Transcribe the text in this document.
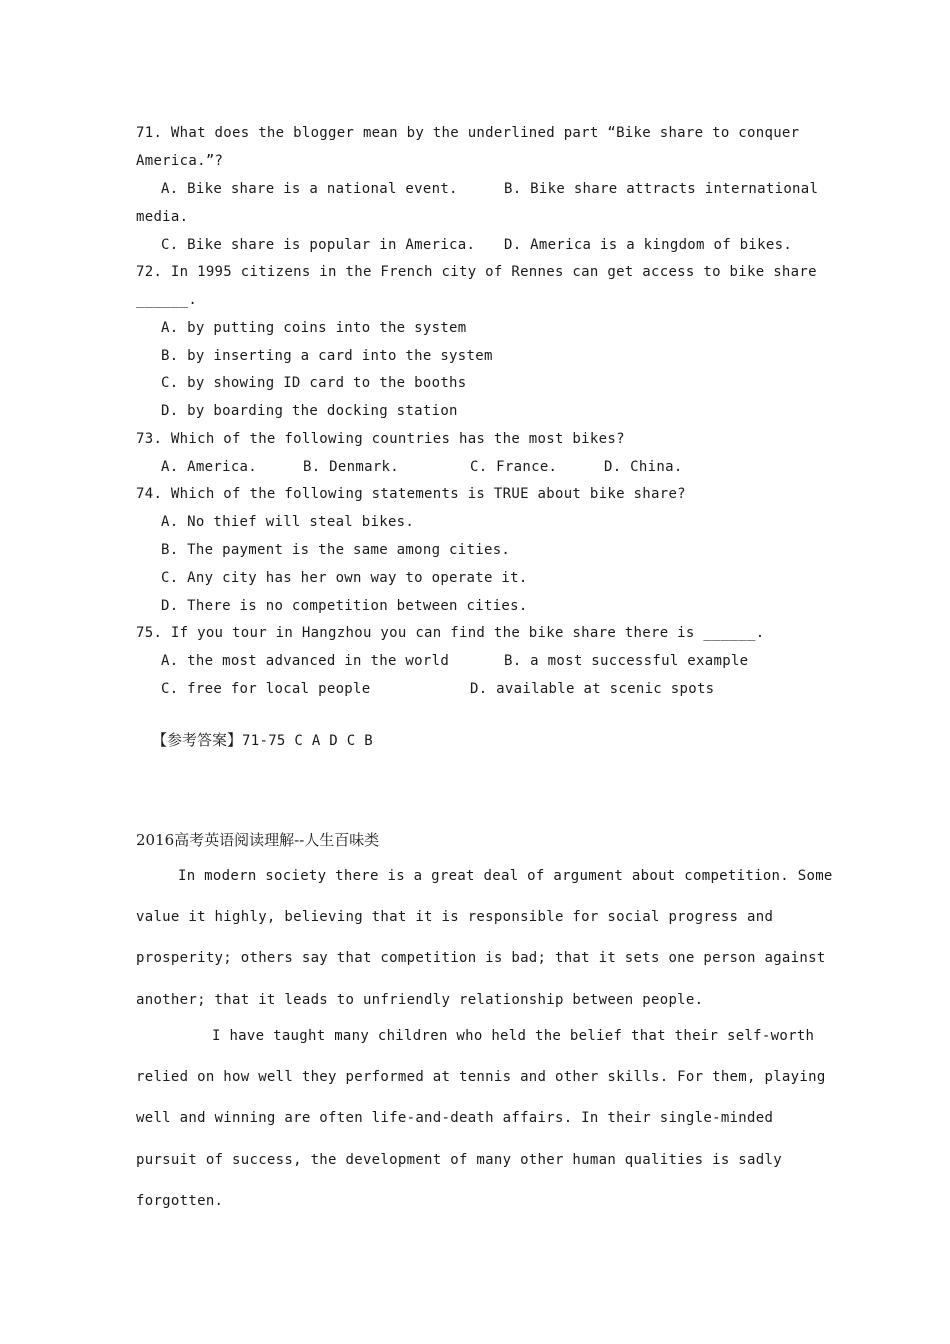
71. What does the blogger mean by the underlined part “Bike share to conquer
America.”?
A. Bike share is a national event.	B. Bike share attracts international
media.
C. Bike share is popular in America. D. America is a kingdom of bikes.
72. In 1995 citizens in the French city of Rennes can get access to bike share
______.
A. by putting coins into the system
B. by inserting a card into the system
C. by showing ID card to the booths
D. by boarding the docking station
73. Which of the following countries has the most bikes?
A. America.	B. Denmark.	C. France.	D. China.
74. Which of the following statements is TRUE about bike share?
A. No thief will steal bikes.
B. The payment is the same among cities.
C. Any city has her own way to operate it.
D. There is no competition between cities.
75. If you tour in Hangzhou you can find the bike share there is ______.
A. the most advanced in the world	B. a most successful example
C. free for local people	D. available at scenic spots

【参考答案】71-75 C A D C B

2016高考英语阅读理解--人生百味类
In modern society there is a great deal of argument about competition. Some
value it highly, believing that it is responsible for social progress and
prosperity; others say that competition is bad; that it sets one person against
another; that it leads to unfriendly relationship between people.
I have taught many children who held the belief that their self-worth
relied on how well they performed at tennis and other skills. For them, playing
well and winning are often life-and-death affairs. In their single-minded
pursuit of success, the development of many other human qualities is sadly
forgotten.
